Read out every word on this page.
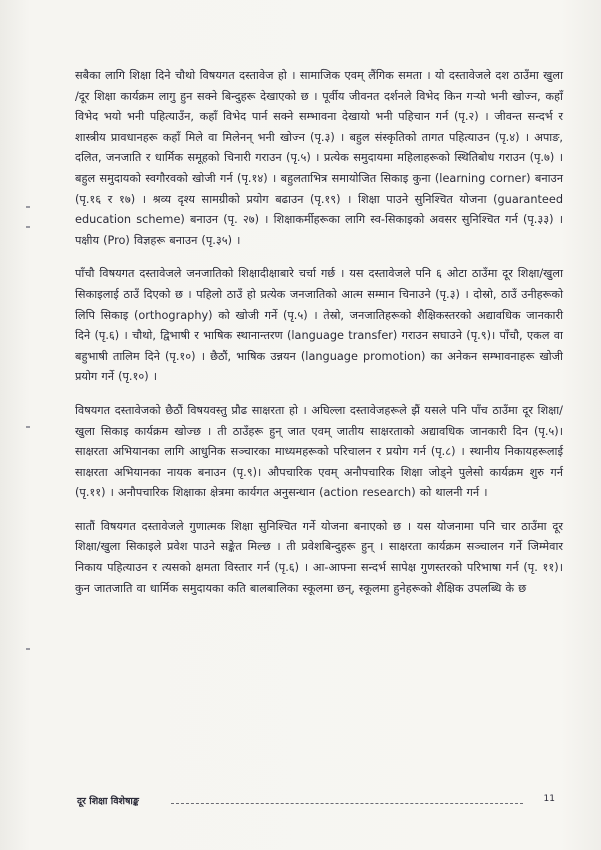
सबैका लागि शिक्षा दिने चौथो विषयगत दस्तावेज हो । सामाजिक एवम् लैंगिक समता । यो दस्तावेजले दश ठाउँमा खुला /दूर शिक्षा कार्यक्रम लागु हुन सक्ने बिन्दुहरू देखाएको छ । पूर्वीय जीवनत दर्शनले विभेद किन गऱ्यो भनी खोज्न, कहाँ विभेद भयो भनी पहित्याउँन, कहाँ विभेद पार्न सक्ने सम्भावना देखायो भनी पहिचान गर्न (पृ.२) । जीवन्त सन्दर्भ र शास्त्रीय प्रावधानहरू कहाँ मिले वा मिलेनन् भनी खोज्न (पृ.३) । बहुल संस्कृतिको तागत पहित्याउन (पृ.४) । अपाङ, दलित, जनजाति र धार्मिक समूहको चिनारी गराउन (पृ.५) । प्रत्येक समुदायमा महिलाहरूको स्थितिबोध गराउन (पृ.७) । बहुल समुदायको स्वगौरवको खोजी गर्न (पृ.१४) । बहुलताभित्र समायोजित सिकाइ कुना (learning corner) बनाउन (पृ.१६ र १७) । श्रव्य दृश्य सामग्रीको प्रयोग बढाउन (पृ.१९) । शिक्षा पाउने सुनिश्चित योजना (guaranteed education scheme) बनाउन (पृ. २७) । शिक्षाकर्मीहरूका लागि स्व-सिकाइको अवसर सुनिश्चित गर्न (पृ.३३) । पक्षीय (Pro) विज्ञहरू बनाउन (पृ.३५) ।

पाँचौ विषयगत दस्तावेजले जनजातिको शिक्षादीक्षाबारे चर्चा गर्छ । यस दस्तावेजले पनि ६ ओटा ठाउँमा दूर शिक्षा/खुला सिकाइलाई ठाउँ दिएको छ । पहिलो ठाउँ हो प्रत्येक जनजातिको आत्म सम्मान चिनाउने (पृ.३) । दोस्रो, ठाउँ उनीहरूको लिपि सिकाइ (orthography) को खोजी गर्ने (पृ.५) । तेस्रो, जनजातिहरूको शैक्षिकस्तरको अद्यावधिक जानकारी दिने (पृ.६) । चौथो, द्विभाषी र भाषिक स्थानान्तरण (language transfer) गराउन सघाउने (पृ.९)। पाँचौ, एकल वा बहुभाषी तालिम दिने (पृ.१०) । छैठौं, भाषिक उन्नयन (language promotion) का अनेकन सम्भावनाहरू खोजी प्रयोग गर्ने (पृ.१०) ।

विषयगत दस्तावेजको छैठौं विषयवस्तु प्रौढ साक्षरता हो । अघिल्ला दस्तावेजहरूले झैं यसले पनि पाँच ठाउँमा दूर शिक्षा/खुला सिकाइ कार्यक्रम खोज्छ । ती ठाउँहरू हुन् जात एवम् जातीय साक्षरताको अद्यावधिक जानकारी दिन (पृ.५)। साक्षरता अभियानका लागि आधुनिक सञ्चारका माध्यमहरूको परिचालन र प्रयोग गर्न (पृ.८) । स्थानीय निकायहरूलाई साक्षरता अभियानका नायक बनाउन (पृ.९)। औपचारिक एवम् अनौपचारिक शिक्षा जोड्ने पुलेसो कार्यक्रम शुरु गर्न (पृ.११) । अनौपचारिक शिक्षाका क्षेत्रमा कार्यगत अनुसन्धान (action research) को थालनी गर्न ।

सातौं विषयगत दस्तावेजले गुणात्मक शिक्षा सुनिश्चित गर्ने योजना बनाएको छ । यस योजनामा पनि चार ठाउँमा दूर शिक्षा/खुला सिकाइले प्रवेश पाउने सङ्केत मिल्छ । ती प्रवेशबिन्दुहरू हुन् । साक्षरता कार्यक्रम सञ्चालन गर्ने जिम्मेवार निकाय पहित्याउन र त्यसको क्षमता विस्तार गर्न (पृ.६) । आ-आफ्ना सन्दर्भ सापेक्ष गुणस्तरको परिभाषा गर्न (पृ. ११)। कुन जातजाति वा धार्मिक समुदायका कति बालबालिका स्कूलमा छन्, स्कूलमा हुनेहरूको शैक्षिक उपलब्धि के छ

दूर शिक्षा विशेषाङ्क	11
